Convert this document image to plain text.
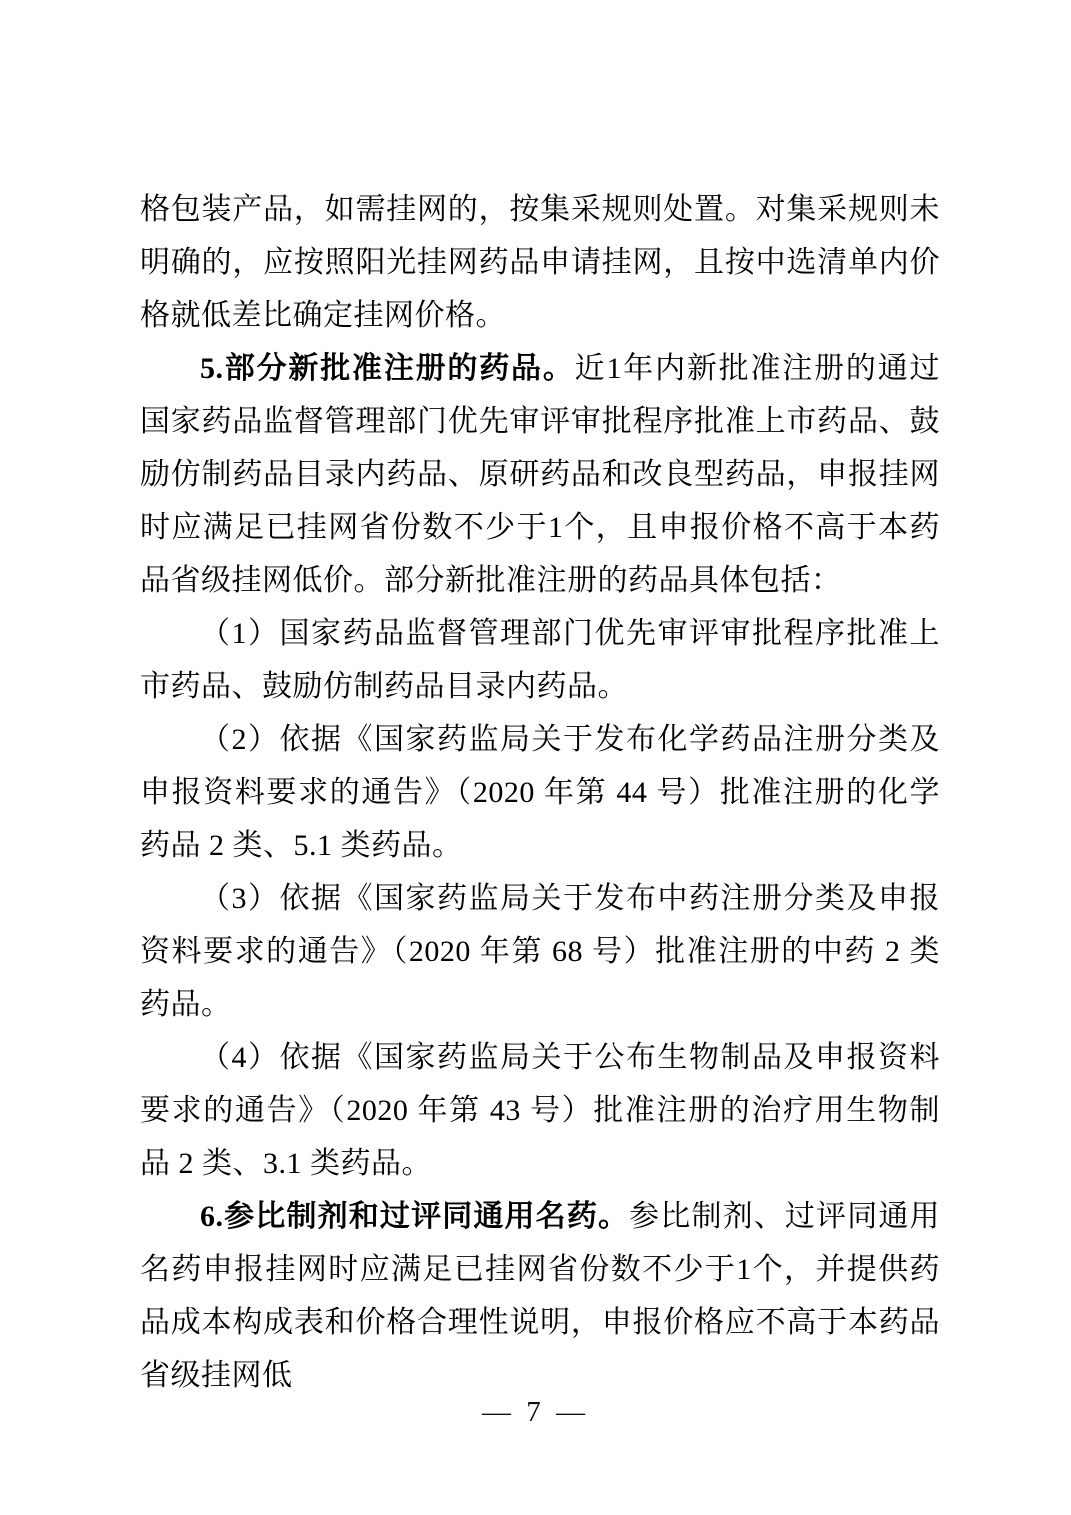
格包装产品，如需挂网的，按集采规则处置。对集采规则未明确的，应按照阳光挂网药品申请挂网，且按中选清单内价格就低差比确定挂网价格。

5.部分新批准注册的药品。近1年内新批准注册的通过国家药品监督管理部门优先审评审批程序批准上市药品、鼓励仿制药品目录内药品、原研药品和改良型药品，申报挂网时应满足已挂网省份数不少于1个，且申报价格不高于本药品省级挂网低价。部分新批准注册的药品具体包括：

（1）国家药品监督管理部门优先审评审批程序批准上市药品、鼓励仿制药品目录内药品。

（2）依据《国家药监局关于发布化学药品注册分类及申报资料要求的通告》（2020 年第 44 号）批准注册的化学药品 2 类、5.1 类药品。

（3）依据《国家药监局关于发布中药注册分类及申报资料要求的通告》（2020 年第 68 号）批准注册的中药 2 类药品。

（4）依据《国家药监局关于公布生物制品及申报资料要求的通告》（2020 年第 43 号）批准注册的治疗用生物制品 2 类、3.1 类药品。

6.参比制剂和过评同通用名药。参比制剂、过评同通用名药申报挂网时应满足已挂网省份数不少于1个，并提供药品成本构成表和价格合理性说明，申报价格应不高于本药品省级挂网低

— 7 —
